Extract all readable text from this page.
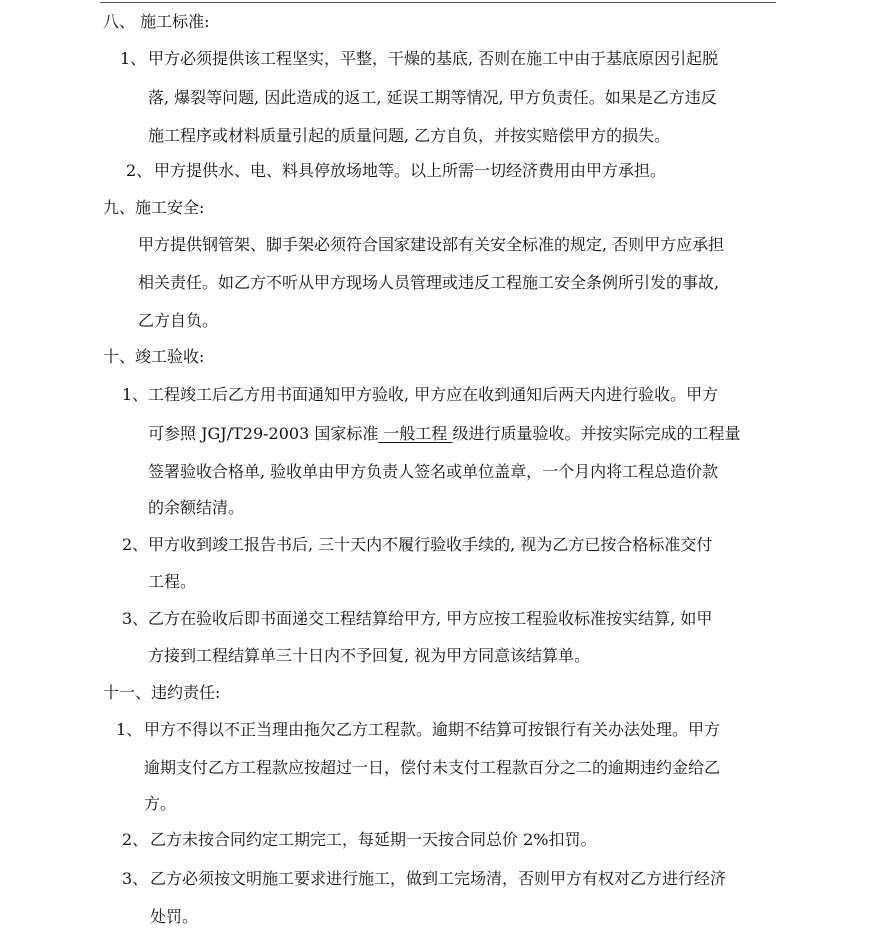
八、 施工标准:
1、 甲方必须提供该工程坚实，平整，干燥的基底, 否则在施工中由于基底原因引起脱
落, 爆裂等问题, 因此造成的返工, 延误工期等情况, 甲方负责任。如果是乙方违反
施工程序或材料质量引起的质量问题, 乙方自负，并按实赔偿甲方的损失。
2、 甲方提供水、电、料具停放场地等。以上所需一切经济费用由甲方承担。
九、施工安全:
甲方提供钢管架、脚手架必须符合国家建设部有关安全标准的规定, 否则甲方应承担
相关责任。如乙方不听从甲方现场人员管理或违反工程施工安全条例所引发的事故,
乙方自负。
十、竣工验收:
1、 工程竣工后乙方用书面通知甲方验收, 甲方应在收到通知后两天内进行验收。甲方
可参照 JGJ/T29-2003 国家标准 一般工程 级进行质量验收。并按实际完成的工程量
签署验收合格单, 验收单由甲方负责人签名或单位盖章，一个月内将工程总造价款
的余额结清。
2、 甲方收到竣工报告书后, 三十天内不履行验收手续的, 视为乙方已按合格标准交付
工程。
3、 乙方在验收后即书面递交工程结算给甲方, 甲方应按工程验收标准按实结算, 如甲
方接到工程结算单三十日内不予回复, 视为甲方同意该结算单。
十一、违约责任:
1、 甲方不得以不正当理由拖欠乙方工程款。逾期不结算可按银行有关办法处理。甲方
逾期支付乙方工程款应按超过一日，偿付未支付工程款百分之二的逾期违约金给乙
方。
2、 乙方未按合同约定工期完工，每延期一天按合同总价 2%扣罚。
3、 乙方必须按文明施工要求进行施工，做到工完场清，否则甲方有权对乙方进行经济
处罚。
